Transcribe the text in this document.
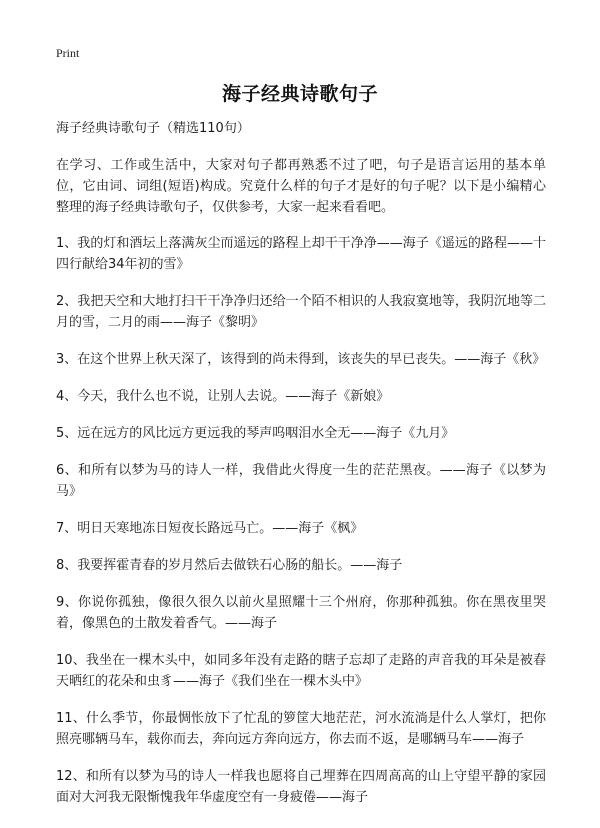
Print
海子经典诗歌句子

海子经典诗歌句子（精选110句）

在学习、工作或生活中，大家对句子都再熟悉不过了吧，句子是语言运用的基本单位，它由词、词组(短语)构成。究竟什么样的句子才是好的句子呢？以下是小编精心整理的海子经典诗歌句子，仅供参考，大家一起来看看吧。

1、我的灯和酒坛上落满灰尘而遥远的路程上却干干净净——海子《遥远的路程——十四行献给34年初的雪》

2、我把天空和大地打扫干干净净归还给一个陌不相识的人我寂寞地等，我阴沉地等二月的雪，二月的雨——海子《黎明》

3、在这个世界上秋天深了，该得到的尚未得到，该丧失的早已丧失。——海子《秋》

4、今天，我什么也不说，让别人去说。——海子《新娘》

5、远在远方的风比远方更远我的琴声呜咽泪水全无——海子《九月》

6、和所有以梦为马的诗人一样，我借此火得度一生的茫茫黑夜。——海子《以梦为马》

7、明日天寒地冻日短夜长路远马亡。——海子《枫》

8、我要挥霍青春的岁月然后去做铁石心肠的船长。——海子

9、你说你孤独，像很久很久以前火星照耀十三个州府，你那种孤独。你在黑夜里哭着，像黑色的土散发着香气。——海子

10、我坐在一棵木头中，如同多年没有走路的瞎子忘却了走路的声音我的耳朵是被春天晒红的花朵和虫豸——海子《我们坐在一棵木头中》

11、什么季节，你最惆怅放下了忙乱的箩筐大地茫茫，河水流淌是什么人掌灯，把你照亮哪辆马车，载你而去，奔向远方奔向远方，你去而不返，是哪辆马车——海子

12、和所有以梦为马的诗人一样我也愿将自己埋葬在四周高高的山上守望平静的家园面对大河我无限惭愧我年华虚度空有一身疲倦——海子
